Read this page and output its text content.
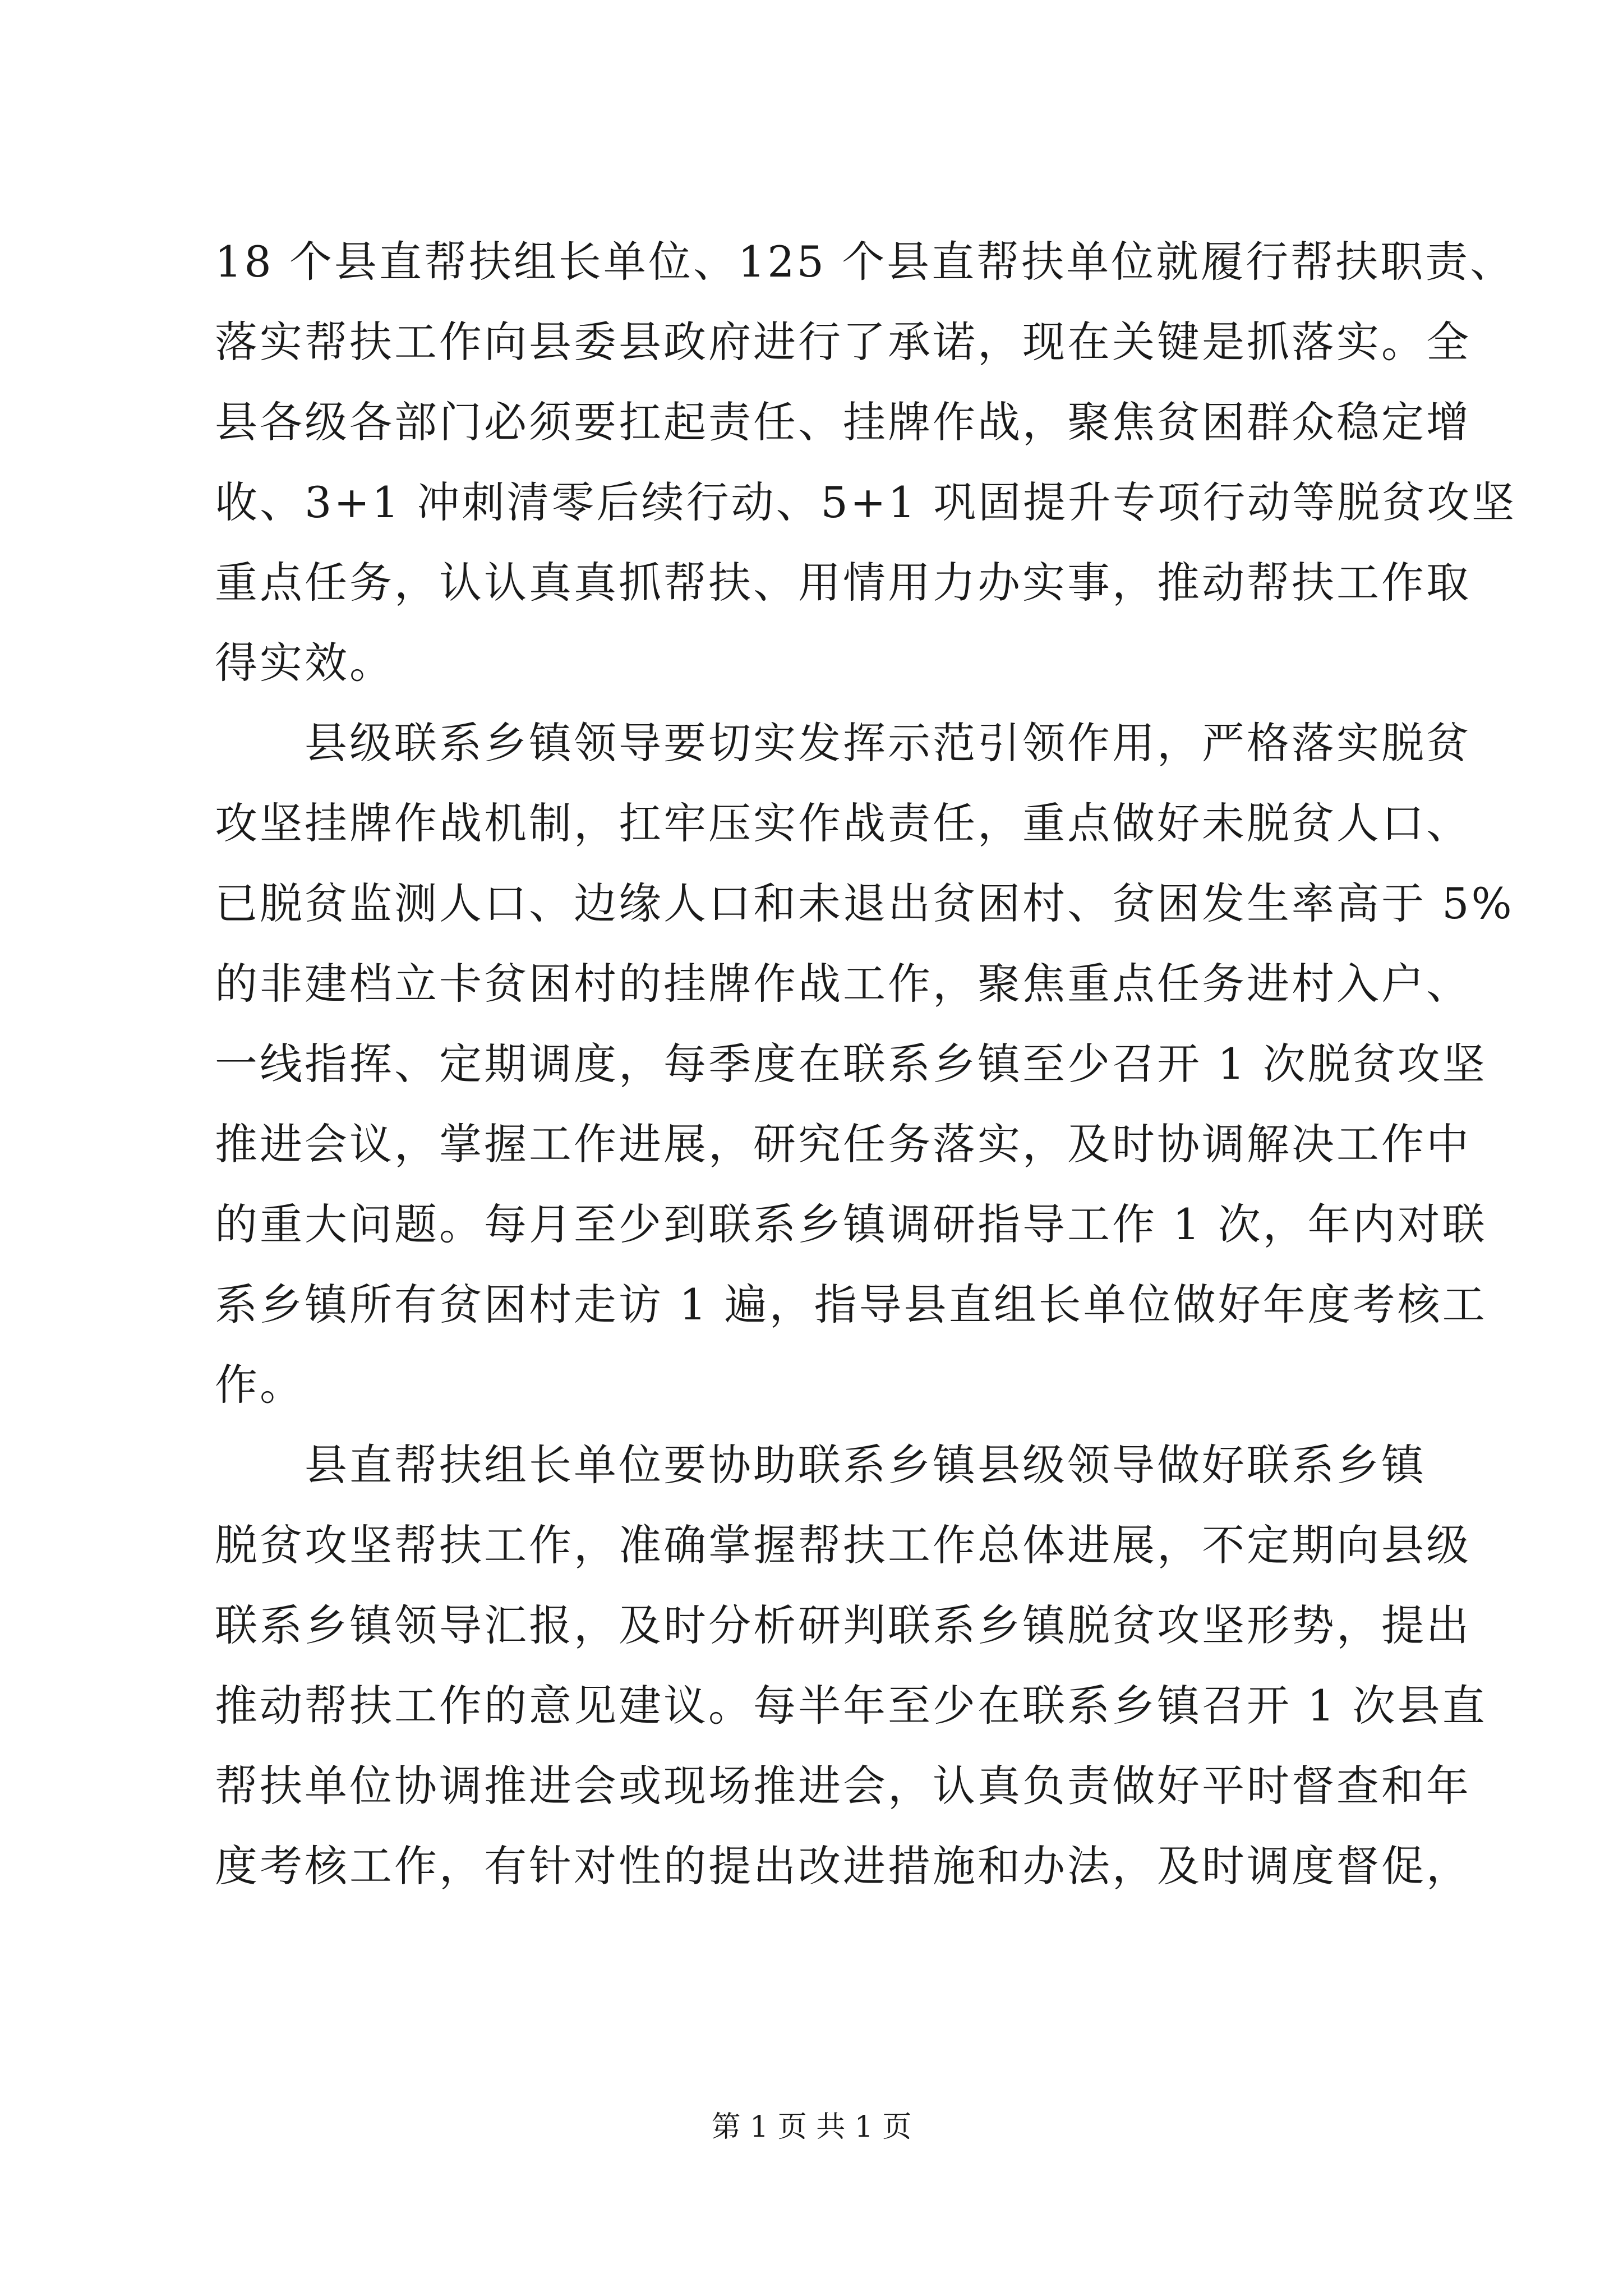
18 个县直帮扶组长单位、125 个县直帮扶单位就履行帮扶职责、
落实帮扶工作向县委县政府进行了承诺，现在关键是抓落实。全
县各级各部门必须要扛起责任、挂牌作战，聚焦贫困群众稳定增
收、3+1 冲刺清零后续行动、5+1 巩固提升专项行动等脱贫攻坚
重点任务，认认真真抓帮扶、用情用力办实事，推动帮扶工作取
得实效。
　　县级联系乡镇领导要切实发挥示范引领作用，严格落实脱贫
攻坚挂牌作战机制，扛牢压实作战责任，重点做好未脱贫人口、
已脱贫监测人口、边缘人口和未退出贫困村、贫困发生率高于 5%
的非建档立卡贫困村的挂牌作战工作，聚焦重点任务进村入户、
一线指挥、定期调度，每季度在联系乡镇至少召开 1 次脱贫攻坚
推进会议，掌握工作进展，研究任务落实，及时协调解决工作中
的重大问题。每月至少到联系乡镇调研指导工作 1 次，年内对联
系乡镇所有贫困村走访 1 遍，指导县直组长单位做好年度考核工
作。
　　县直帮扶组长单位要协助联系乡镇县级领导做好联系乡镇
脱贫攻坚帮扶工作，准确掌握帮扶工作总体进展，不定期向县级
联系乡镇领导汇报，及时分析研判联系乡镇脱贫攻坚形势，提出
推动帮扶工作的意见建议。每半年至少在联系乡镇召开 1 次县直
帮扶单位协调推进会或现场推进会，认真负责做好平时督查和年
度考核工作，有针对性的提出改进措施和办法，及时调度督促，
第 1 页 共 1 页
